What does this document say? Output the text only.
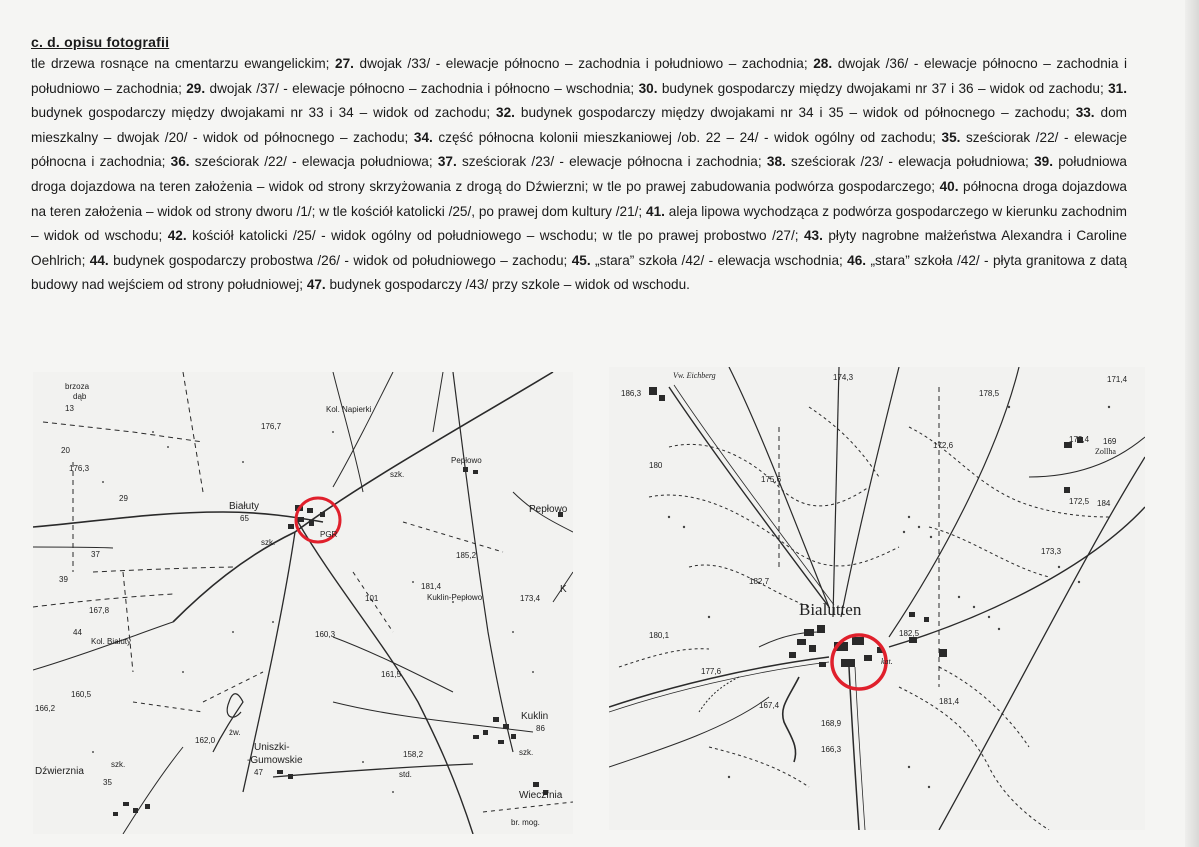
c. d. opisu fotografii
tle drzewa rosnące na cmentarzu ewangelickim; 27. dwojak /33/ - elewacje północno – zachodnia i południowo – zachodnia; 28. dwojak /36/ - elewacje północno – zachodnia i południowo – zachodnia; 29. dwojak /37/ - elewacje północno – zachodnia i północno – wschodnia; 30. budynek gospodarczy między dwojakami nr 37 i 36 – widok od zachodu; 31. budynek gospodarczy między dwojakami nr 33 i 34 – widok od zachodu; 32. budynek gospodarczy między dwojakami nr 34 i 35 – widok od północnego – zachodu; 33. dom mieszkalny – dwojak /20/ - widok od północnego – zachodu; 34. część północna kolonii mieszkaniowej /ob. 22 – 24/ - widok ogólny od zachodu; 35. sześciorak /22/ - elewacje północna i zachodnia; 36. sześciorak /22/ - elewacja południowa; 37. sześciorak /23/ - elewacje północna i zachodnia; 38. sześciorak /23/ - elewacja południowa; 39. południowa droga dojazdowa na teren założenia – widok od strony skrzyżowania z drogą do Dźwierzni; w tle po prawej zabudowania podwórza gospodarczego; 40. północna droga dojazdowa na teren założenia – widok od strony dworu /1/; w tle kościół katolicki /25/, po prawej dom kultury /21/; 41. aleja lipowa wychodząca z podwórza gospodarczego w kierunku zachodnim – widok od wschodu; 42. kościół katolicki /25/ - widok ogólny od południowego – wschodu; w tle po prawej probostwo /27/; 43. płyty nagrobne małżeństwa Alexandra i Caroline Oehlrich; 44. budynek gospodarczy probostwa /26/ - widok od południowego – zachodu; 45. „stara” szkoła /42/ - elewacja wschodnia; 46. „stara” szkoła /42/ - płyta granitowa z datą budowy nad wejściem od strony południowej; 47. budynek gospodarczy /43/ przy szkole – widok od wschodu.
brzoza
dąb
13
20
176,3
29
37
39
167,8
44
Kol. Białuty
160,5
166,2
Dźwierznia
35
szk.
Kol. Napierki
176,7
Białuty
65
szk.
PGR
185,2
szk.
Pepłowo
Pepłowo
181,4
Kuklin-Pepłowo
101	173,4
K
160,3
161,5
162,0
żw.
Uniszki-
-Gumowskie
47
Kuklin
86
szk.
158,2
std.
Wieczfnia
br. mog.
Vw. Eichberg
186,3
174,3	171,4
178,5
172,6
172,4 169
Zollha
172,5 184
180
175,6
173,3
182,7
Bialutten
180,1	182,5
kat.
177,6
167,4
168,9
181,4
166,3
